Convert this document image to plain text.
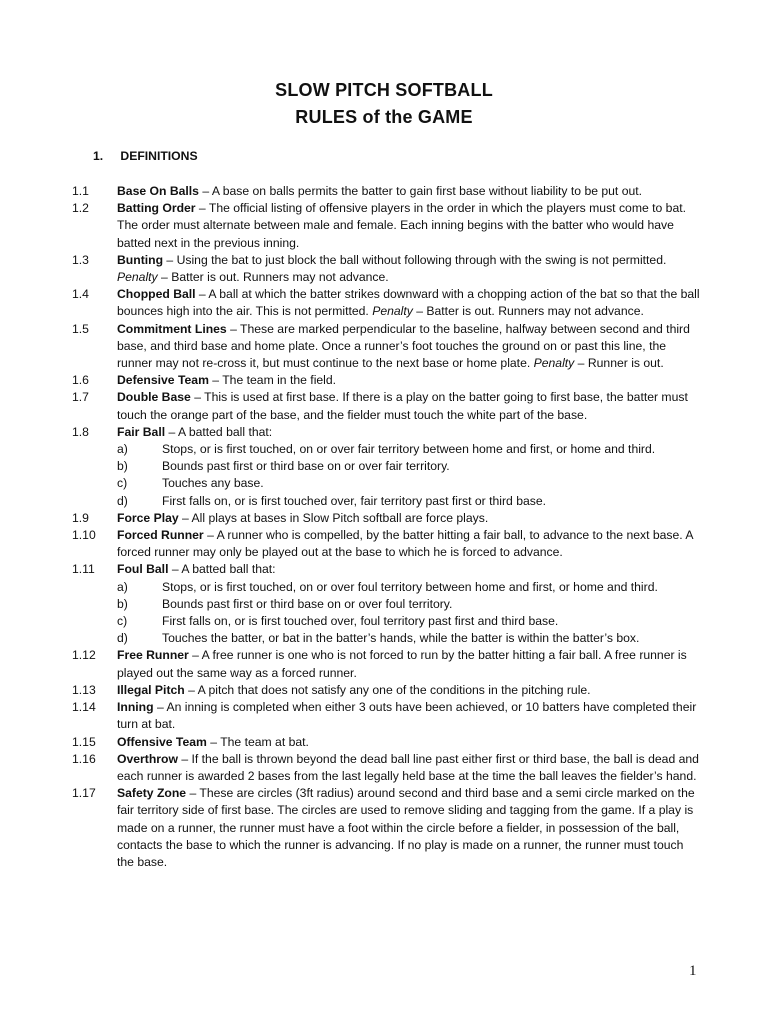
SLOW PITCH SOFTBALL
RULES of the GAME
1. DEFINITIONS
1.1	Base On Balls – A base on balls permits the batter to gain first base without liability to be put out.
1.2	Batting Order – The official listing of offensive players in the order in which the players must come to bat. The order must alternate between male and female. Each inning begins with the batter who would have batted next in the previous inning.
1.3	Bunting – Using the bat to just block the ball without following through with the swing is not permitted.
Penalty – Batter is out. Runners may not advance.
1.4	Chopped Ball – A ball at which the batter strikes downward with a chopping action of the bat so that the ball bounces high into the air. This is not permitted. Penalty – Batter is out. Runners may not advance.
1.5	Commitment Lines – These are marked perpendicular to the baseline, halfway between second and third base, and third base and home plate. Once a runner’s foot touches the ground on or past this line, the runner may not re-cross it, but must continue to the next base or home plate. Penalty – Runner is out.
1.6	Defensive Team – The team in the field.
1.7	Double Base – This is used at first base. If there is a play on the batter going to first base, the batter must touch the orange part of the base, and the fielder must touch the white part of the base.
1.8	Fair Ball – A batted ball that:
a)	Stops, or is first touched, on or over fair territory between home and first, or home and third.
b)	Bounds past first or third base on or over fair territory.
c)	Touches any base.
d)	First falls on, or is first touched over, fair territory past first or third base.
1.9	Force Play – All plays at bases in Slow Pitch softball are force plays.
1.10	Forced Runner – A runner who is compelled, by the batter hitting a fair ball, to advance to the next base. A forced runner may only be played out at the base to which he is forced to advance.
1.11	Foul Ball – A batted ball that:
a)	Stops, or is first touched, on or over foul territory between home and first, or home and third.
b)	Bounds past first or third base on or over foul territory.
c)	First falls on, or is first touched over, foul territory past first and third base.
d)	Touches the batter, or bat in the batter’s hands, while the batter is within the batter’s box.
1.12	Free Runner – A free runner is one who is not forced to run by the batter hitting a fair ball. A free runner is played out the same way as a forced runner.
1.13	Illegal Pitch – A pitch that does not satisfy any one of the conditions in the pitching rule.
1.14	Inning – An inning is completed when either 3 outs have been achieved, or 10 batters have completed their turn at bat.
1.15	Offensive Team – The team at bat.
1.16	Overthrow – If the ball is thrown beyond the dead ball line past either first or third base, the ball is dead and each runner is awarded 2 bases from the last legally held base at the time the ball leaves the fielder’s hand.
1.17	Safety Zone – These are circles (3ft radius) around second and third base and a semi circle marked on the fair territory side of first base. The circles are used to remove sliding and tagging from the game. If a play is made on a runner, the runner must have a foot within the circle before a fielder, in possession of the ball, contacts the base to which the runner is advancing. If no play is made on a runner, the runner must touch the base.
1
